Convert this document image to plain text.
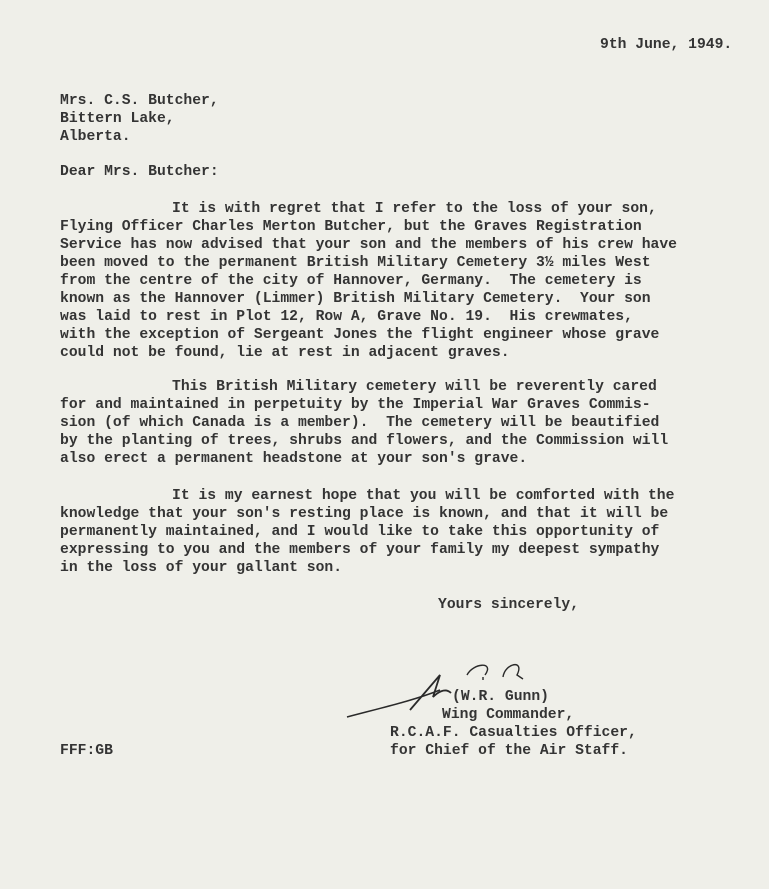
9th June, 1949.
Mrs. C.S. Butcher,
Bittern Lake,
Alberta.
Dear Mrs. Butcher:
It is with regret that I refer to the loss of your son,
Flying Officer Charles Merton Butcher, but the Graves Registration
Service has now advised that your son and the members of his crew have
been moved to the permanent British Military Cemetery 3½ miles West
from the centre of the city of Hannover, Germany.  The cemetery is
known as the Hannover (Limmer) British Military Cemetery.  Your son
was laid to rest in Plot 12, Row A, Grave No. 19.  His crewmates,
with the exception of Sergeant Jones the flight engineer whose grave
could not be found, lie at rest in adjacent graves.
This British Military cemetery will be reverently cared
for and maintained in perpetuity by the Imperial War Graves Commis-
sion (of which Canada is a member).  The cemetery will be beautified
by the planting of trees, shrubs and flowers, and the Commission will
also erect a permanent headstone at your son's grave.
It is my earnest hope that you will be comforted with the
knowledge that your son's resting place is known, and that it will be
permanently maintained, and I would like to take this opportunity of
expressing to you and the members of your family my deepest sympathy
in the loss of your gallant son.
Yours sincerely,
(W.R. Gunn)
Wing Commander,
R.C.A.F. Casualties Officer,
for Chief of the Air Staff.
FFF:GB
